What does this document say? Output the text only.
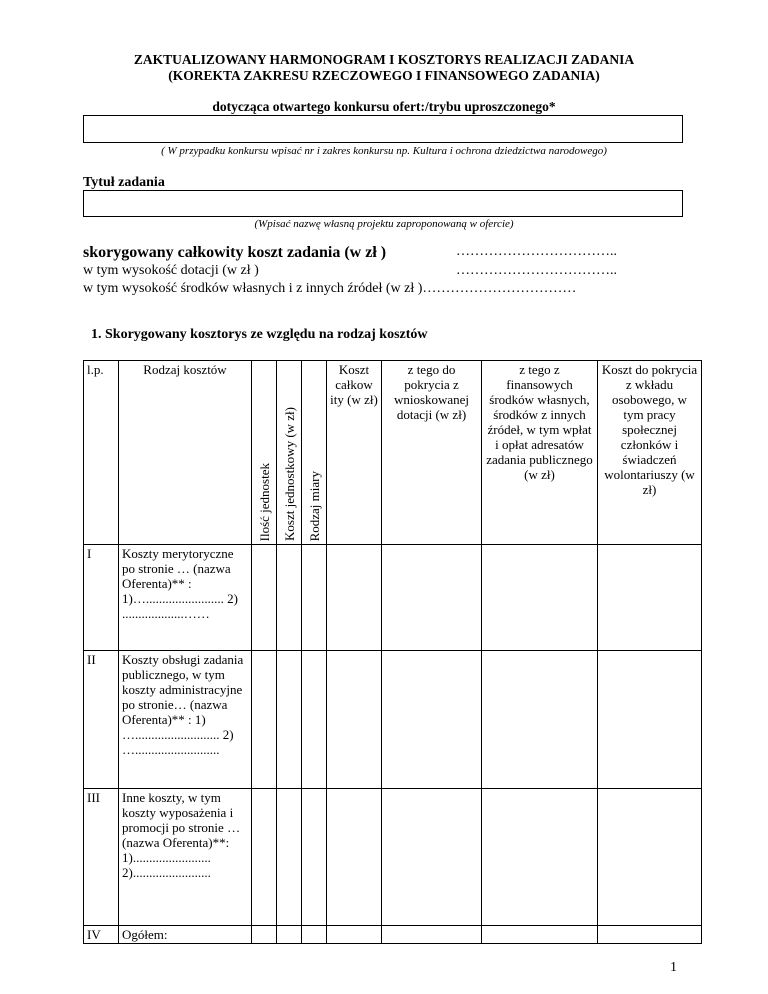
ZAKTUALIZOWANY HARMONOGRAM I KOSZTORYS REALIZACJI ZADANIA
(KOREKTA ZAKRESU RZECZOWEGO I FINANSOWEGO ZADANIA)
dotycząca otwartego konkursu ofert:/trybu uproszczonego*
( W przypadku konkursu wpisać nr i zakres konkursu np. Kultura i ochrona dziedzictwa narodowego)
Tytuł zadania
(Wpisać nazwę własną projektu zaproponowaną w ofercie)
skorygowany całkowity koszt zadania (w zł )	……………………………..
w tym wysokość dotacji (w zł )	……………………………..
w tym wysokość środków własnych i z innych źródeł (w zł )……………………………
1. Skorygowany kosztorys ze względu na rodzaj kosztów
l.p.	Rodzaj kosztów	Ilość jednostek	Koszt jednostkowy (w zł)	Rodzaj miary	Koszt całkow ity (w zł)	z tego do pokrycia z wnioskowanej dotacji (w zł)	z tego z finansowych środków własnych, środków z innych źródeł, w tym wpłat i opłat adresatów zadania publicznego (w zł)	Koszt do pokrycia z wkładu osobowego, w tym pracy społecznej członków i świadczeń wolontariuszy (w zł)
I	Koszty merytoryczne po stronie … (nazwa Oferenta)** : 1)…........................ 2) ...................……							
II	Koszty obsługi zadania publicznego, w tym koszty administracyjne po stronie… (nazwa Oferenta)** : 1) ….......................... 2) …..........................							
III	Inne koszty, w tym koszty wyposażenia i promocji po stronie … (nazwa Oferenta)**: 1)........................ 2)........................							
IV	Ogółem:							
1
